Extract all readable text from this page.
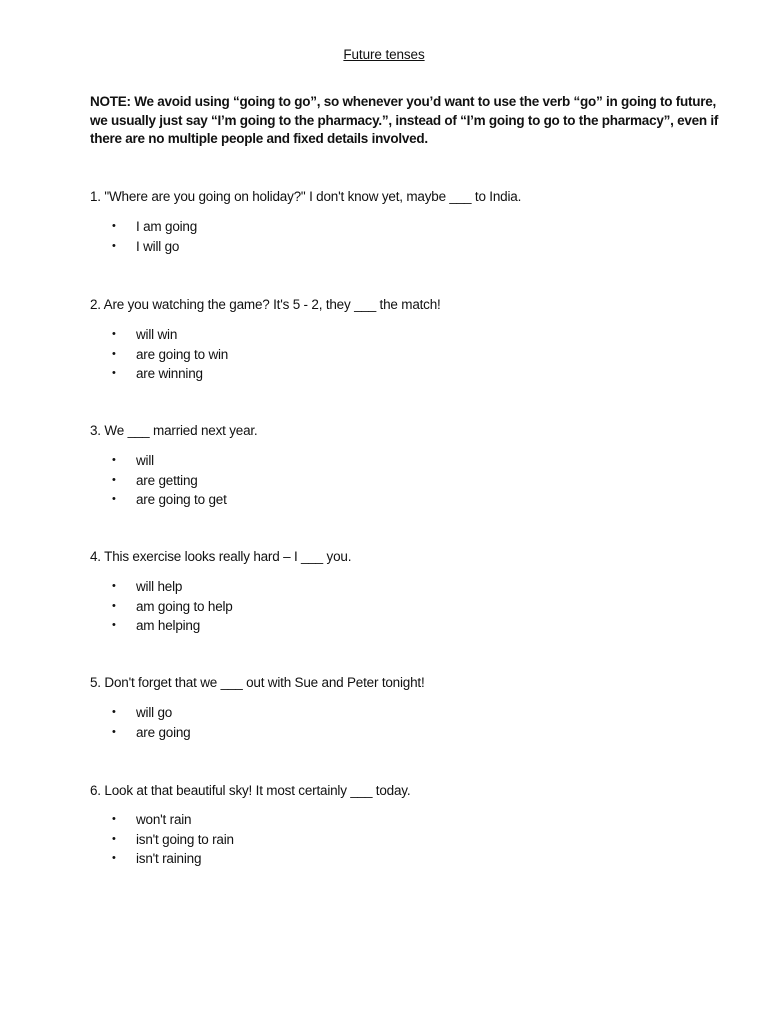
Future tenses
NOTE: We avoid using “going to go”, so whenever you’d want to use the verb “go” in going to future,
we usually just say “I’m going to the pharmacy.”, instead of “I’m going to go to the pharmacy”, even if
there are no multiple people and fixed details involved.
1. "Where are you going on holiday?" I don't know yet, maybe ___ to India.
• I am going
• I will go
2. Are you watching the game? It's 5 - 2, they ___ the match!
• will win
• are going to win
• are winning
3. We ___ married next year.
• will
• are getting
• are going to get
4. This exercise looks really hard – I ___ you.
• will help
• am going to help
• am helping
5. Don't forget that we ___ out with Sue and Peter tonight!
• will go
• are going
6. Look at that beautiful sky! It most certainly ___ today.
• won't rain
• isn't going to rain
• isn't raining
